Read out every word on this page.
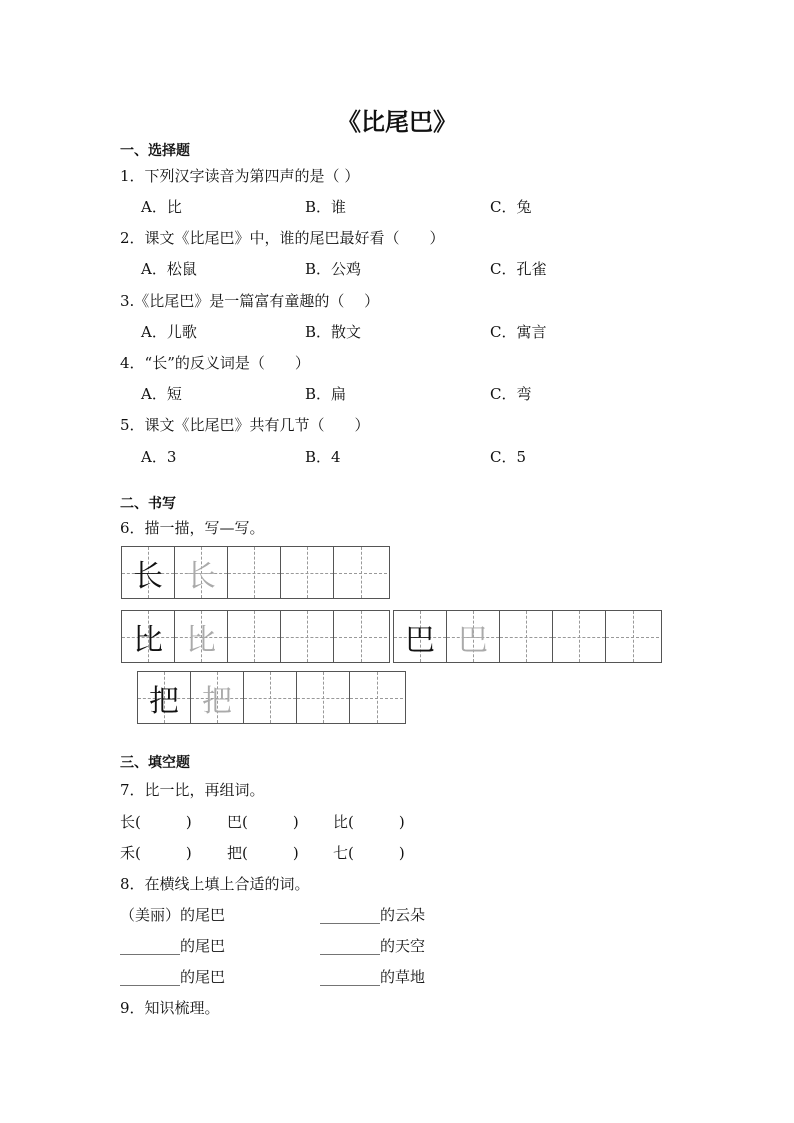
《比尾巴》
一、选择题
1．下列汉字读音为第四声的是（ ）
A．比	B．谁	C．兔
2．课文《比尾巴》中，谁的尾巴最好看（　　）
A．松鼠	B．公鸡	C．孔雀
3.《比尾巴》是一篇富有童趣的（　 ）
A．儿歌	B．散文	C．寓言
4．“长”的反义词是（　　）
A．短	B．扁	C．弯
5．课文《比尾巴》共有几节（　　）
A．3	B．4	C．5
二、书写
6．描一描，写—写。
长 长
比 比	巴 巴
把 把
三、填空题
7．比一比，再组词。
长(　　　) 巴(　　　) 比(　　　)
禾(　　　) 把(　　　) 七(　　　)
8．在横线上填上合适的词。
（美丽）的尾巴	________的云朵
________的尾巴	________的天空
________的尾巴	________的草地
9．知识梳理。
